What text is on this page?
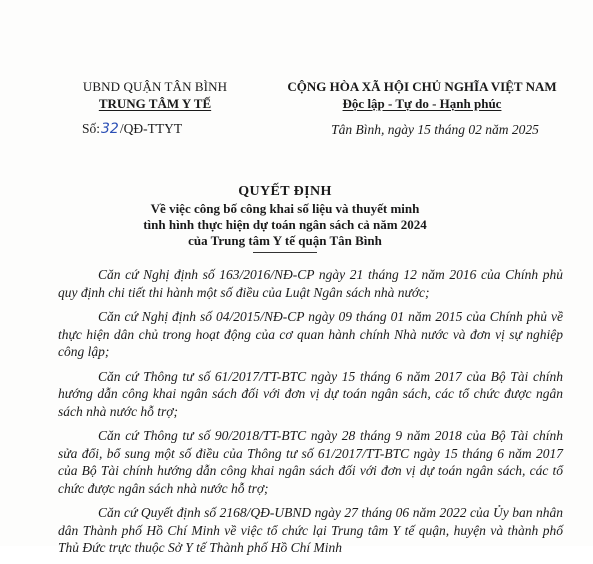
UBND QUẬN TÂN BÌNH
TRUNG TÂM Y TẾ
CỘNG HÒA XÃ HỘI CHỦ NGHĨA VIỆT NAM
Độc lập - Tự do - Hạnh phúc
Số:32/QĐ-TTYT	Tân Bình, ngày 15 tháng 02 năm 2025
QUYẾT ĐỊNH
Về việc công bố công khai số liệu và thuyết minh
tình hình thực hiện dự toán ngân sách cả năm 2024
của Trung tâm Y tế quận Tân Bình

Căn cứ Nghị định số 163/2016/NĐ-CP ngày 21 tháng 12 năm 2016 của Chính phủ quy định chi tiết thi hành một số điều của Luật Ngân sách nhà nước;

Căn cứ Nghị định số 04/2015/NĐ-CP ngày 09 tháng 01 năm 2015 của Chính phủ về thực hiện dân chủ trong hoạt động của cơ quan hành chính Nhà nước và đơn vị sự nghiệp công lập;

Căn cứ Thông tư số 61/2017/TT-BTC ngày 15 tháng 6 năm 2017 của Bộ Tài chính hướng dẫn công khai ngân sách đối với đơn vị dự toán ngân sách, các tổ chức được ngân sách nhà nước hỗ trợ;

Căn cứ Thông tư số 90/2018/TT-BTC ngày 28 tháng 9 năm 2018 của Bộ Tài chính sửa đổi, bổ sung một số điều của Thông tư số 61/2017/TT-BTC ngày 15 tháng 6 năm 2017 của Bộ Tài chính hướng dẫn công khai ngân sách đối với đơn vị dự toán ngân sách, các tổ chức được ngân sách nhà nước hỗ trợ;

Căn cứ Quyết định số 2168/QĐ-UBND ngày 27 tháng 06 năm 2022 của Ủy ban nhân dân Thành phố Hồ Chí Minh về việc tổ chức lại Trung tâm Y tế quận, huyện và thành phố Thủ Đức trực thuộc Sở Y tế Thành phố Hồ Chí Minh
